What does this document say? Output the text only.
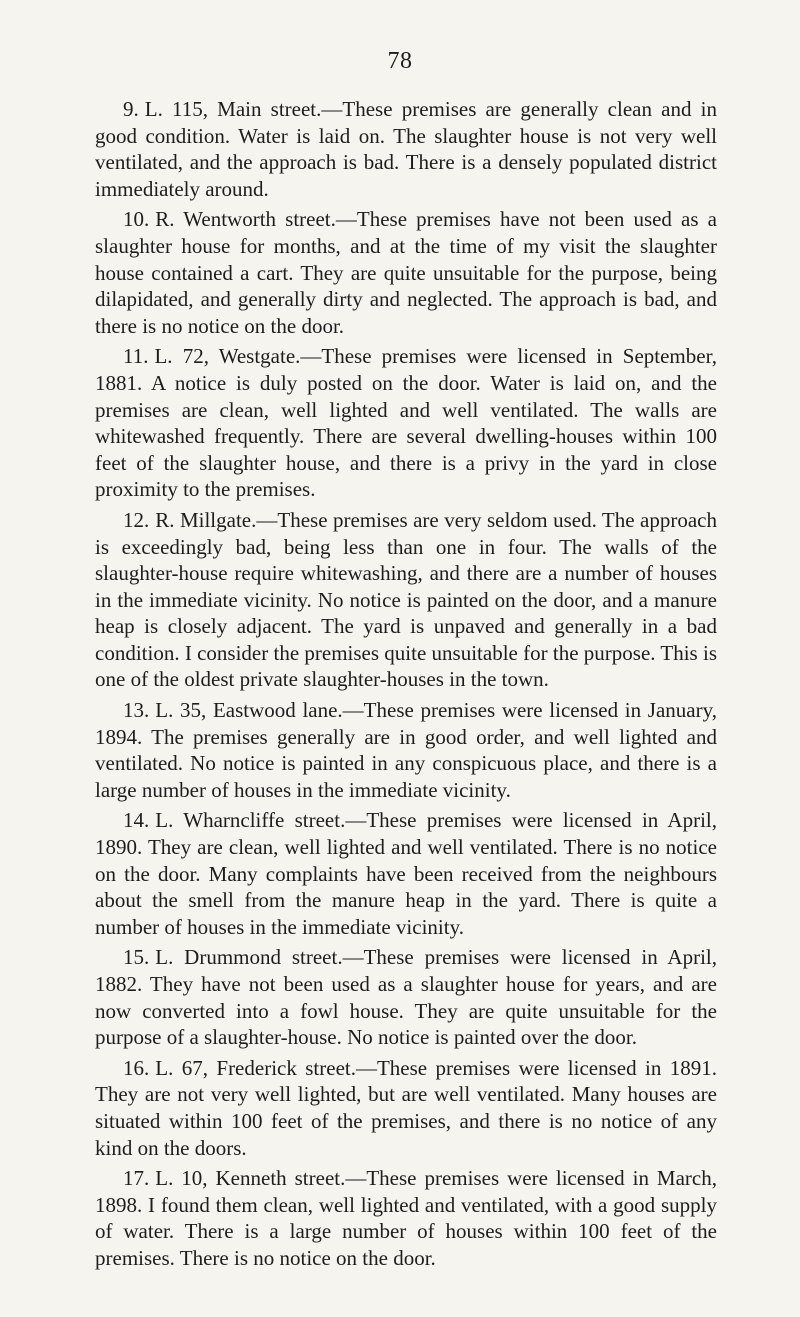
78

9. L. 115, Main street.—These premises are generally clean and in good condition. Water is laid on. The slaughter house is not very well ventilated, and the approach is bad. There is a densely populated district immediately around.

10. R. Wentworth street.—These premises have not been used as a slaughter house for months, and at the time of my visit the slaughter house contained a cart. They are quite unsuitable for the purpose, being dilapidated, and generally dirty and neglected. The approach is bad, and there is no notice on the door.

11. L. 72, Westgate.—These premises were licensed in September, 1881. A notice is duly posted on the door. Water is laid on, and the premises are clean, well lighted and well ventilated. The walls are whitewashed frequently. There are several dwelling-houses within 100 feet of the slaughter house, and there is a privy in the yard in close proximity to the premises.

12. R. Millgate.—These premises are very seldom used. The approach is exceedingly bad, being less than one in four. The walls of the slaughter-house require whitewashing, and there are a number of houses in the immediate vicinity. No notice is painted on the door, and a manure heap is closely adjacent. The yard is unpaved and generally in a bad condition. I consider the premises quite unsuitable for the purpose. This is one of the oldest private slaughter-houses in the town.

13. L. 35, Eastwood lane.—These premises were licensed in January, 1894. The premises generally are in good order, and well lighted and ventilated. No notice is painted in any conspicuous place, and there is a large number of houses in the immediate vicinity.

14. L. Wharncliffe street.—These premises were licensed in April, 1890. They are clean, well lighted and well ventilated. There is no notice on the door. Many complaints have been received from the neighbours about the smell from the manure heap in the yard. There is quite a number of houses in the immediate vicinity.

15. L. Drummond street.—These premises were licensed in April, 1882. They have not been used as a slaughter house for years, and are now converted into a fowl house. They are quite unsuitable for the purpose of a slaughter-house. No notice is painted over the door.

16. L. 67, Frederick street.—These premises were licensed in 1891. They are not very well lighted, but are well ventilated. Many houses are situated within 100 feet of the premises, and there is no notice of any kind on the doors.

17. L. 10, Kenneth street.—These premises were licensed in March, 1898. I found them clean, well lighted and ventilated, with a good supply of water. There is a large number of houses within 100 feet of the premises. There is no notice on the door.
